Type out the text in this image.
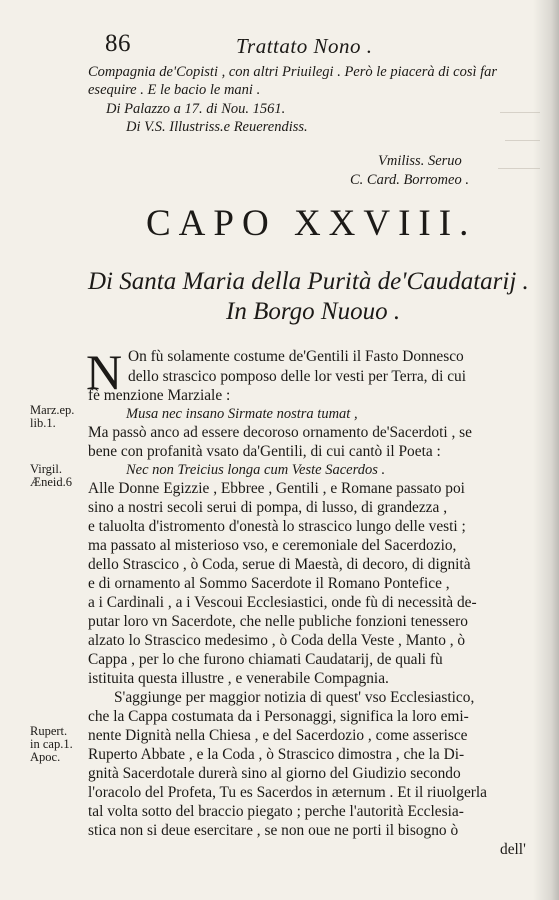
86	Trattato Nono .
Compagnia de'Copisti , con altri Priuilegi . Però le piacerà di così far
esequire . E le bacio le mani .
Di Palazzo a 17. di Nou. 1561.
Di V.S. Illustriss.e Reuerendiss.
Vmiliss. Seruo
C. Card. Borromeo .
CAPO XXVIII.
Di Santa Maria della Purità de'Caudatarij .
In Borgo Nuouo .
N
Marz.ep.
lib.1.
Virgil.
Æneid.6
Rupert.
in cap.1.
Apoc.
On fù solamente costume de'Gentili il Fasto Donnesco
dello strascico pomposo delle lor vesti per Terra, di cui
fè menzione Marziale :
Musa nec insano Sirmate nostra tumat ,
Ma passò anco ad essere decoroso ornamento de'Sacerdoti , se
bene con profanità vsato da'Gentili, di cui cantò il Poeta :
Nec non Treicius longa cum Veste Sacerdos .
Alle Donne Egizzie , Ebbree , Gentili , e Romane passato poi
sino a nostri secoli serui di pompa, di lusso, di grandezza ,
e taluolta d'istromento d'onestà lo strascico lungo delle vesti ;
ma passato al misterioso vso, e ceremoniale del Sacerdozio,
dello Strascico , ò Coda, serue di Maestà, di decoro, di dignità
e di ornamento al Sommo Sacerdote il Romano Pontefice ,
a i Cardinali , a i Vescoui Ecclesiastici, onde fù di necessità de-
putar loro vn Sacerdote, che nelle publiche fonzioni tenessero
alzato lo Strascico medesimo , ò Coda della Veste , Manto , ò
Cappa , per lo che furono chiamati Caudatarij, de quali fù
istituita questa illustre , e venerabile Compagnia.
S'aggiunge per maggior notizia di quest' vso Ecclesiastico,
che la Cappa costumata da i Personaggi, significa la loro emi-
nente Dignità nella Chiesa , e del Sacerdozio , come asserisce
Ruperto Abbate , e la Coda , ò Strascico dimostra , che la Di-
gnità Sacerdotale durerà sino al giorno del Giudizio secondo
l'oracolo del Profeta, Tu es Sacerdos in æternum . Et il riuolgerla
tal volta sotto del braccio piegato ; perche l'autorità Ecclesia-
stica non si deue esercitare , se non oue ne porti il bisogno ò
dell'
